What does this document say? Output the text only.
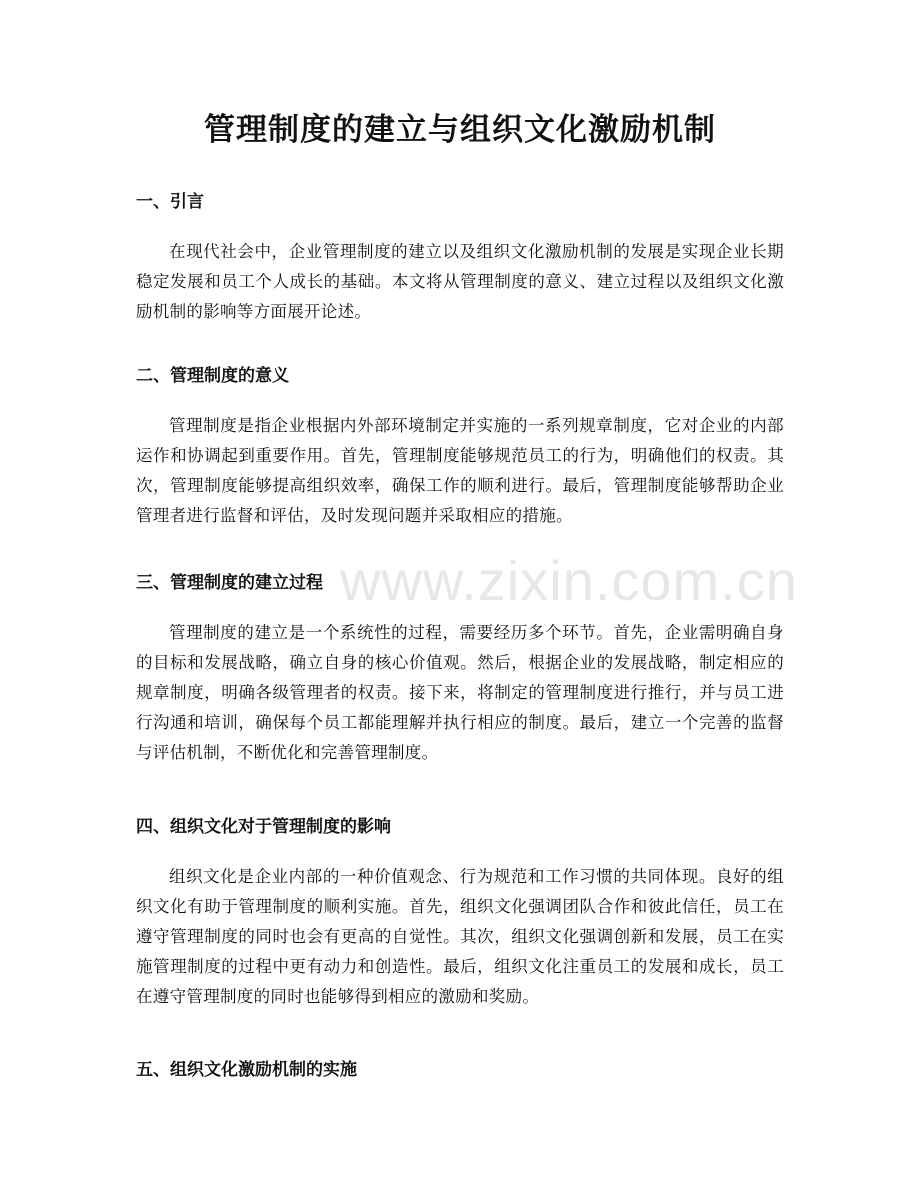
管理制度的建立与组织文化激励机制
一、引言

在现代社会中，企业管理制度的建立以及组织文化激励机制的发展是实现企业长期稳定发展和员工个人成长的基础。本文将从管理制度的意义、建立过程以及组织文化激励机制的影响等方面展开论述。

二、管理制度的意义

管理制度是指企业根据内外部环境制定并实施的一系列规章制度，它对企业的内部运作和协调起到重要作用。首先，管理制度能够规范员工的行为，明确他们的权责。其次，管理制度能够提高组织效率，确保工作的顺利进行。最后，管理制度能够帮助企业管理者进行监督和评估，及时发现问题并采取相应的措施。

三、管理制度的建立过程

管理制度的建立是一个系统性的过程，需要经历多个环节。首先，企业需明确自身的目标和发展战略，确立自身的核心价值观。然后，根据企业的发展战略，制定相应的规章制度，明确各级管理者的权责。接下来，将制定的管理制度进行推行，并与员工进行沟通和培训，确保每个员工都能理解并执行相应的制度。最后，建立一个完善的监督与评估机制，不断优化和完善管理制度。

四、组织文化对于管理制度的影响

组织文化是企业内部的一种价值观念、行为规范和工作习惯的共同体现。良好的组织文化有助于管理制度的顺利实施。首先，组织文化强调团队合作和彼此信任，员工在遵守管理制度的同时也会有更高的自觉性。其次，组织文化强调创新和发展，员工在实施管理制度的过程中更有动力和创造性。最后，组织文化注重员工的发展和成长，员工在遵守管理制度的同时也能够得到相应的激励和奖励。

五、组织文化激励机制的实施
www.zixin.com.cn
